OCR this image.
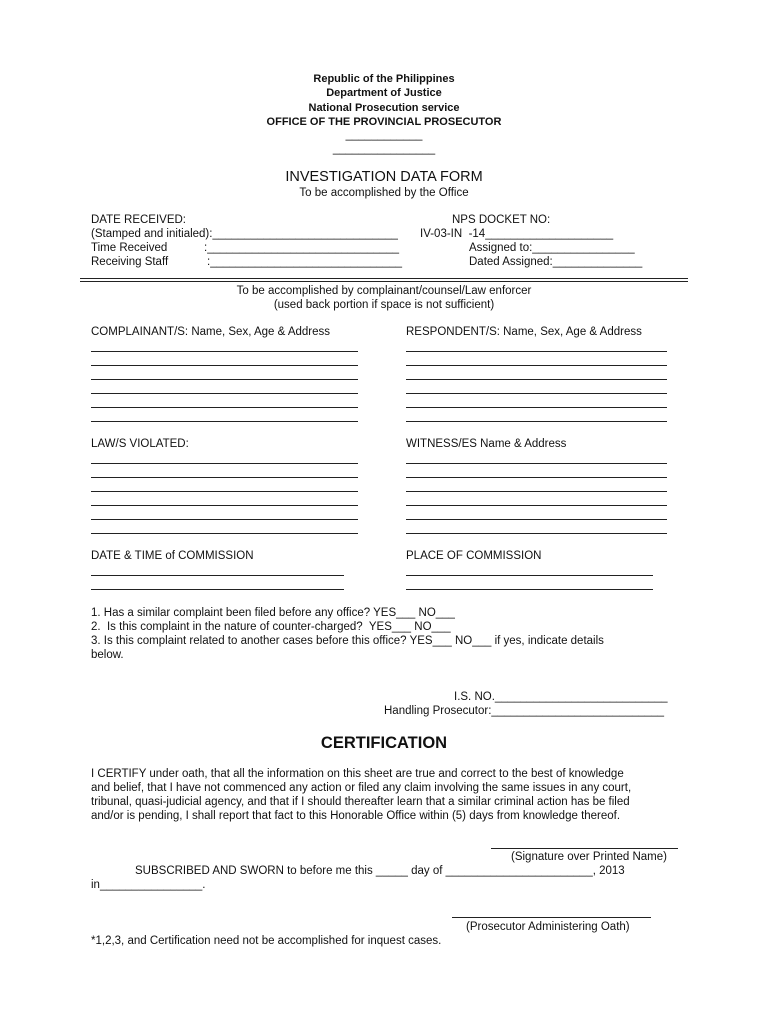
Republic of the Philippines
Department of Justice
National Prosecution service
OFFICE OF THE PROVINCIAL PROSECUTOR
____________
________________
INVESTIGATION DATA FORM
To be accomplished by the Office
DATE RECEIVED:
(Stamped and initialed):_____________________________
Time Received	:______________________________
Receiving Staff	:______________________________
NPS DOCKET NO:
IV-03-IN  -14____________________
Assigned to:________________
Dated Assigned:______________
To be accomplished by complainant/counsel/Law enforcer
(used back portion if space is not sufficient)
COMPLAINANT/S: Name, Sex, Age & Address	RESPONDENT/S: Name, Sex, Age & Address
LAW/S VIOLATED:	WITNESS/ES Name & Address
DATE & TIME of COMMISSION	PLACE OF COMMISSION
1. Has a similar complaint been filed before any office? YES___ NO___
2.  Is this complaint in the nature of counter-charged?  YES___ NO___
3. Is this complaint related to another cases before this office? YES___ NO___ if yes, indicate details
below.
I.S. NO.___________________________
Handling Prosecutor:___________________________
CERTIFICATION
I CERTIFY under oath, that all the information on this sheet are true and correct to the best of knowledge
and belief, that I have not commenced any action or filed any claim involving the same issues in any court,
tribunal, quasi-judicial agency, and that if I should thereafter learn that a similar criminal action has be filed
and/or is pending, I shall report that fact to this Honorable Office within (5) days from knowledge thereof.
(Signature over Printed Name)
SUBSCRIBED AND SWORN to before me this _____ day of _______________________, 2013
in________________.
(Prosecutor Administering Oath)
*1,2,3, and Certification need not be accomplished for inquest cases.
